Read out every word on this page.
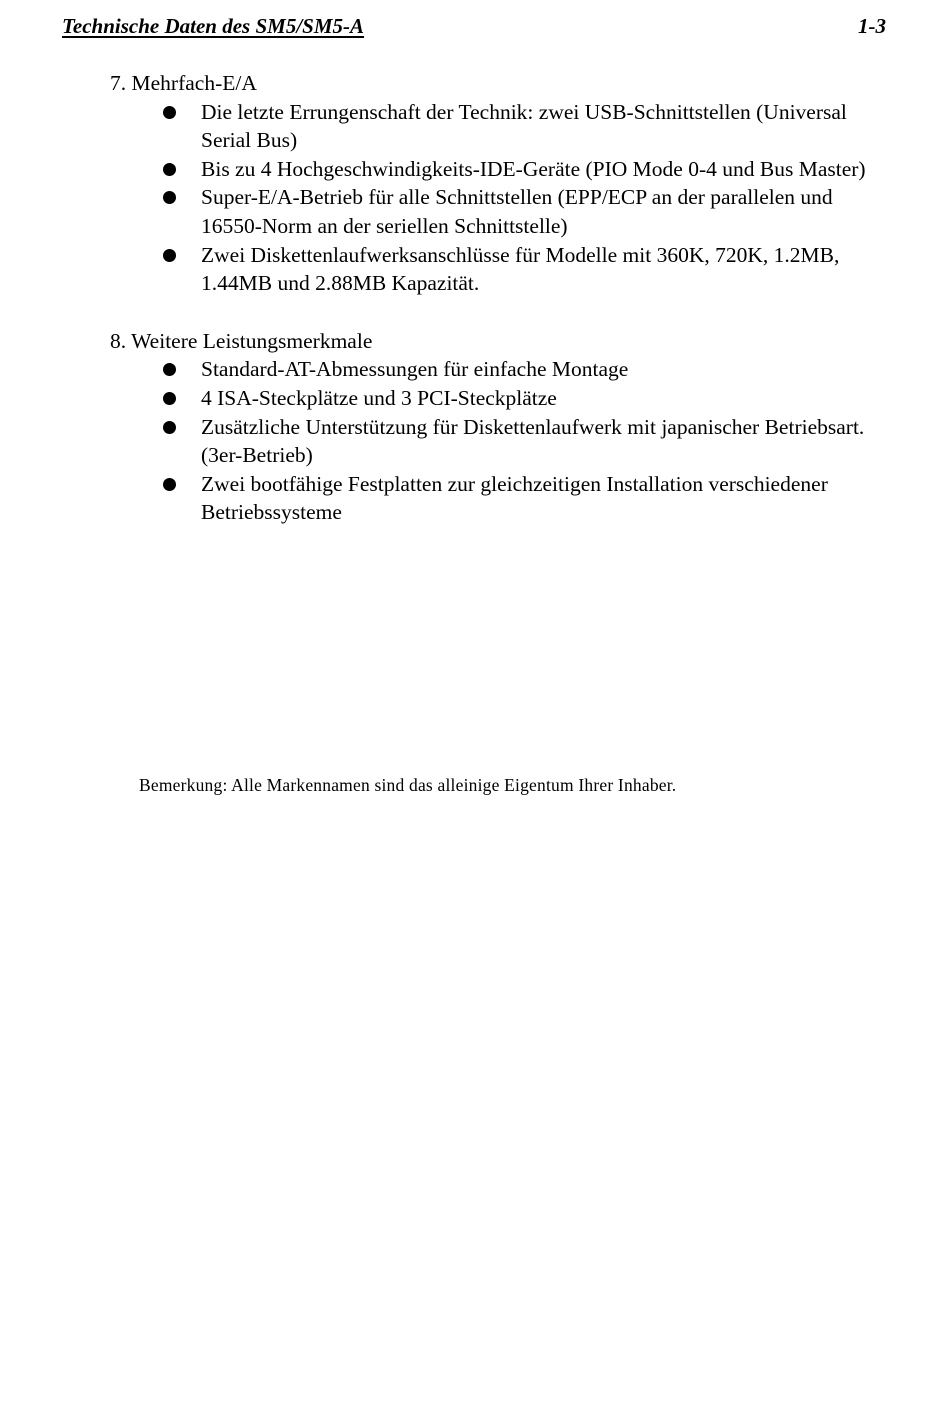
Technische Daten des SM5/SM5-A	1-3

7. Mehrfach-E/A

Die letzte Errungenschaft der Technik: zwei USB-Schnittstellen (Universal Serial Bus)
Bis zu 4 Hochgeschwindigkeits-IDE-Geräte (PIO Mode 0-4 und Bus Master)
Super-E/A-Betrieb für alle Schnittstellen (EPP/ECP an der parallelen und 16550-Norm an der seriellen Schnittstelle)
Zwei Diskettenlaufwerksanschlüsse für Modelle mit 360K, 720K, 1.2MB, 1.44MB und 2.88MB Kapazität.

8. Weitere Leistungsmerkmale

Standard-AT-Abmessungen für einfache Montage
4 ISA-Steckplätze und 3 PCI-Steckplätze
Zusätzliche Unterstützung für Diskettenlaufwerk mit japanischer Betriebsart.(3er-Betrieb)
Zwei bootfähige Festplatten zur gleichzeitigen Installation verschiedener Betriebssysteme
Bemerkung: Alle Markennamen sind das alleinige Eigentum Ihrer Inhaber.
